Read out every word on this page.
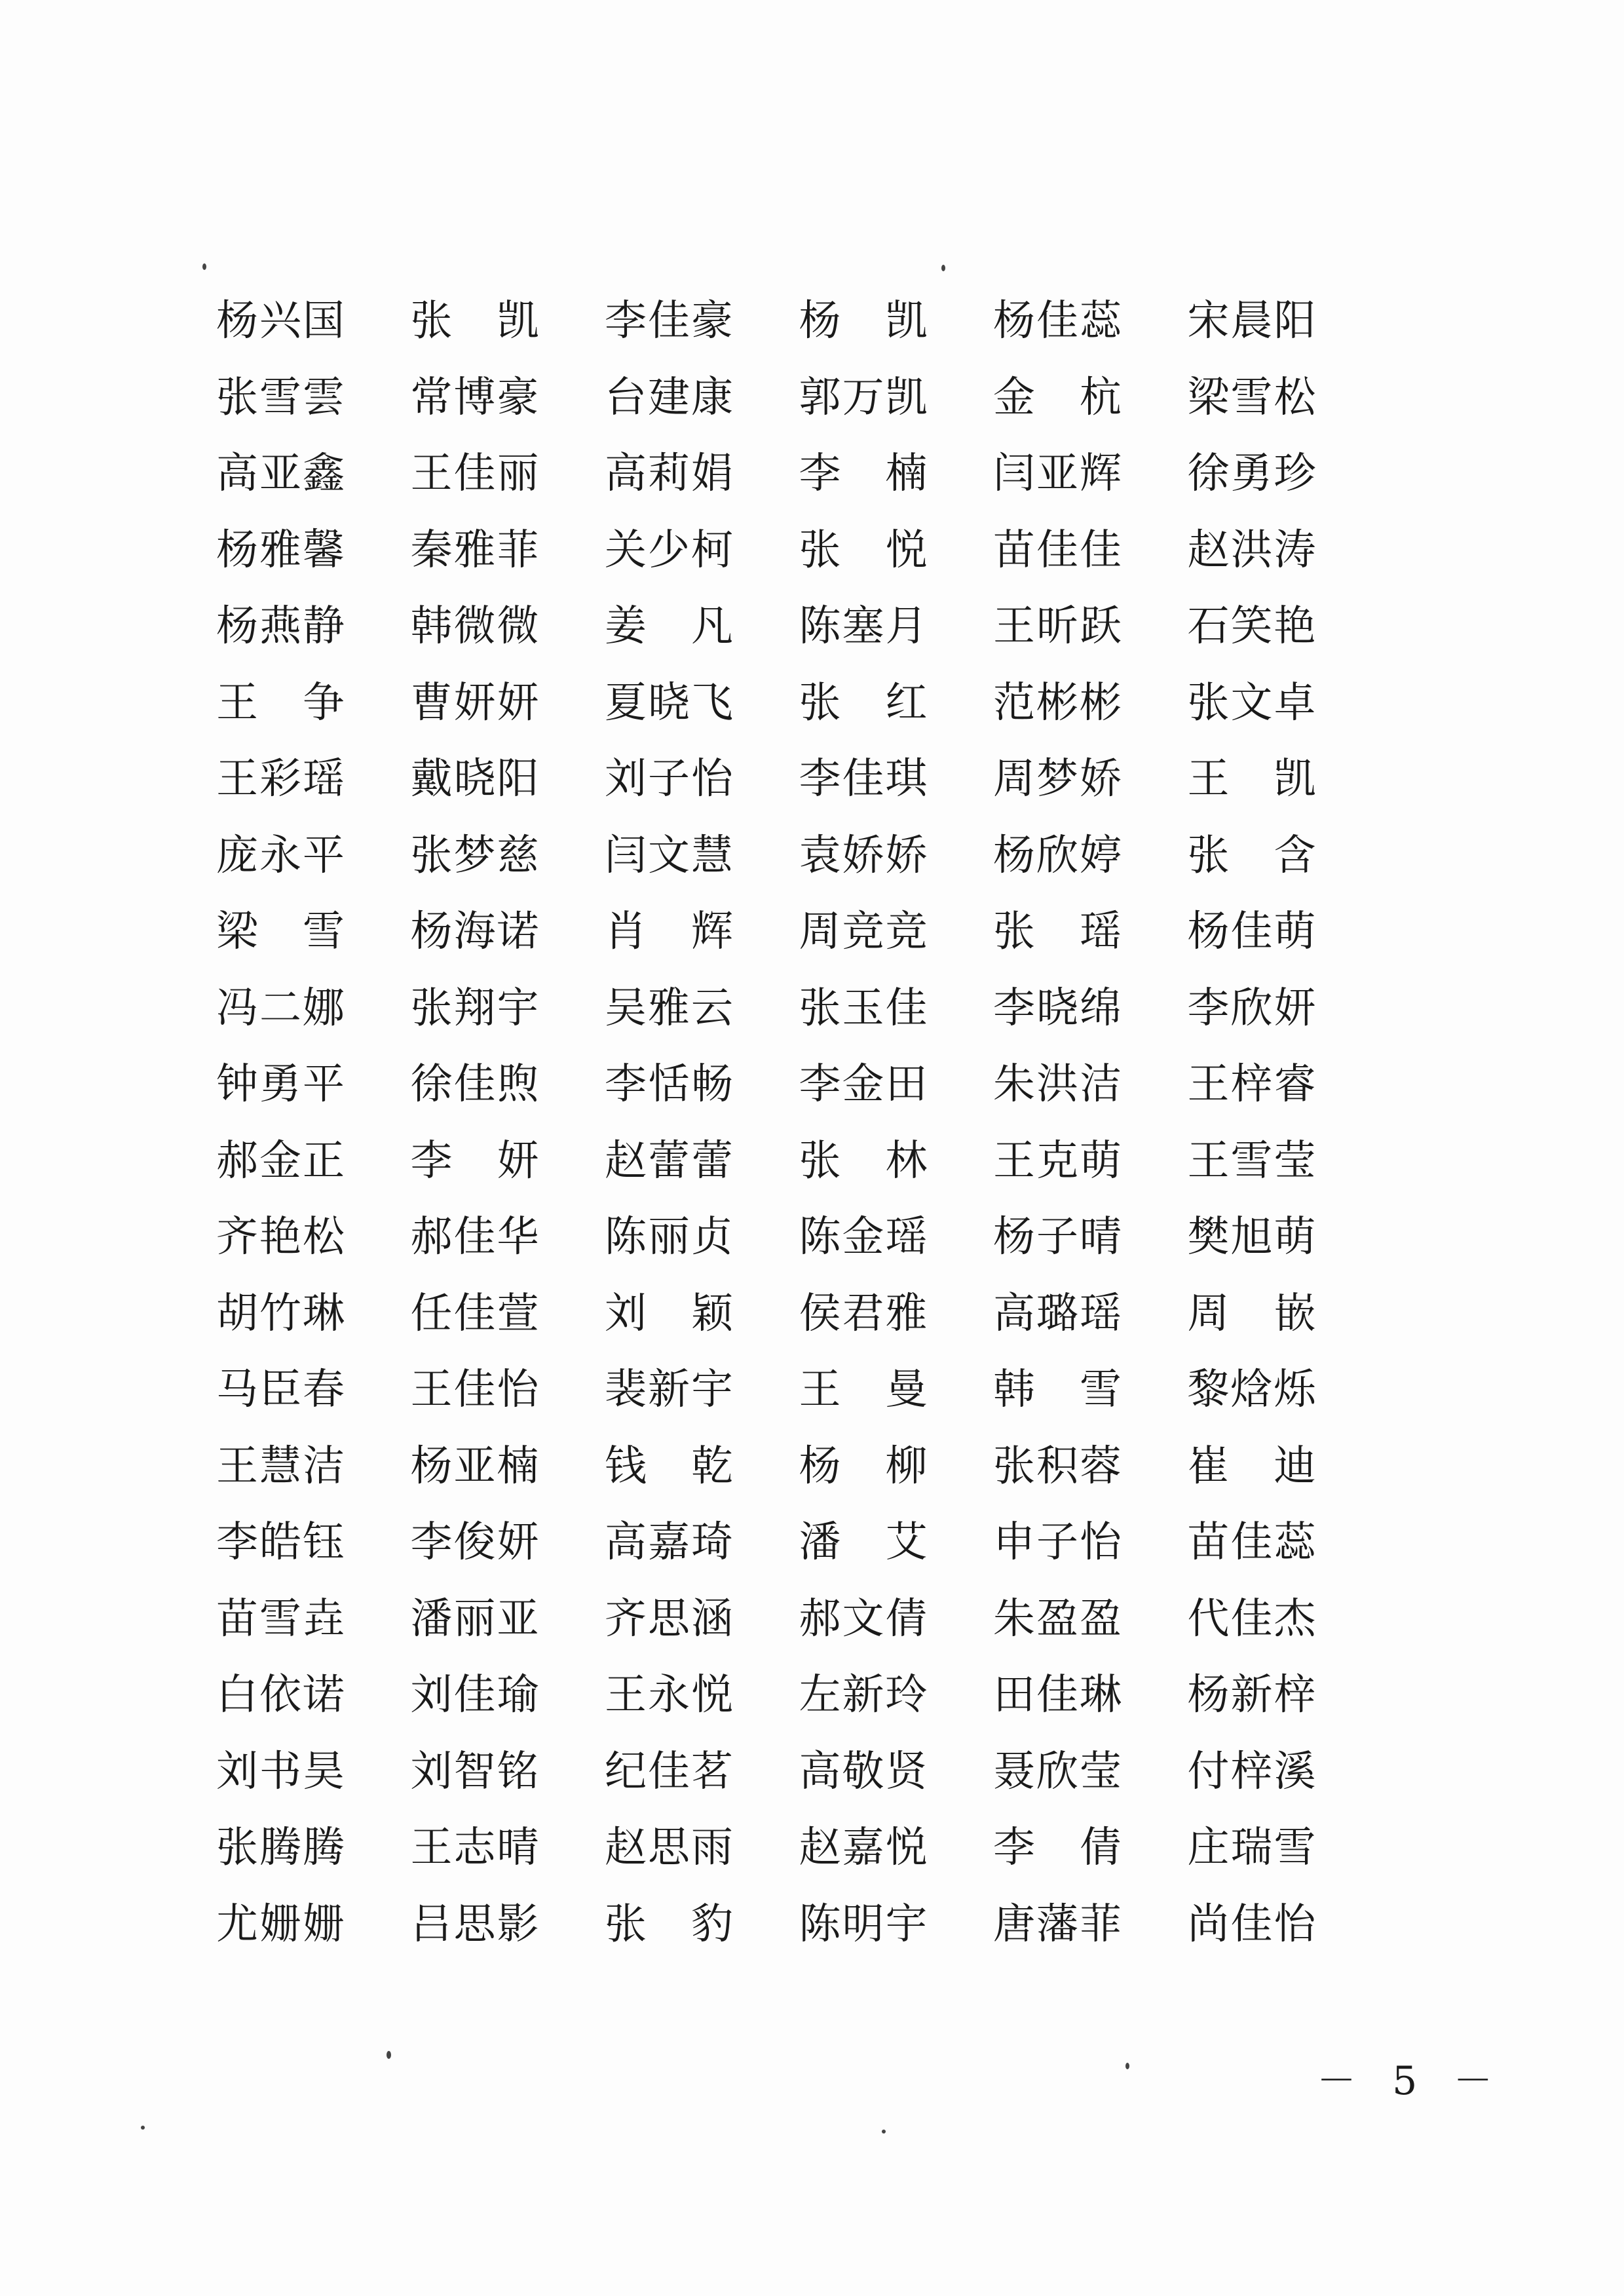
杨兴国 张 凯 李佳豪 杨 凯 杨佳蕊 宋晨阳
张雪雲 常博豪 台建康 郭万凯 金 杭 梁雪松
高亚鑫 王佳丽 高莉娟 李 楠 闫亚辉 徐勇珍
杨雅馨 秦雅菲 关少柯 张 悦 苗佳佳 赵洪涛
杨燕静 韩微微 姜 凡 陈塞月 王昕跃 石笑艳
王 争 曹妍妍 夏晓飞 张 红 范彬彬 张文卓
王彩瑶 戴晓阳 刘子怡 李佳琪 周梦娇 王 凯
庞永平 张梦慈 闫文慧 袁娇娇 杨欣婷 张 含
梁 雪 杨海诺 肖 辉 周竞竞 张 瑶 杨佳萌
冯二娜 张翔宇 吴雅云 张玉佳 李晓绵 李欣妍
钟勇平 徐佳煦 李恬畅 李金田 朱洪洁 王梓睿
郝金正 李 妍 赵蕾蕾 张 林 王克萌 王雪莹
齐艳松 郝佳华 陈丽贞 陈金瑶 杨子晴 樊旭萌
胡竹琳 任佳萱 刘 颖 侯君雅 高璐瑶 周 嵌
马臣春 王佳怡 裴新宇 王 曼 韩 雪 黎焓烁
王慧洁 杨亚楠 钱 乾 杨 柳 张积蓉 崔 迪
李皓钰 李俊妍 高嘉琦 潘 艾 申子怡 苗佳蕊
苗雪垚 潘丽亚 齐思涵 郝文倩 朱盈盈 代佳杰
白依诺 刘佳瑜 王永悦 左新玲 田佳琳 杨新梓
刘书昊 刘智铭 纪佳茗 高敬贤 聂欣莹 付梓溪
张腾腾 王志晴 赵思雨 赵嘉悦 李 倩 庄瑞雪
尤姗姗 吕思影 张 豹 陈明宇 唐藩菲 尚佳怡
－ 5 －
